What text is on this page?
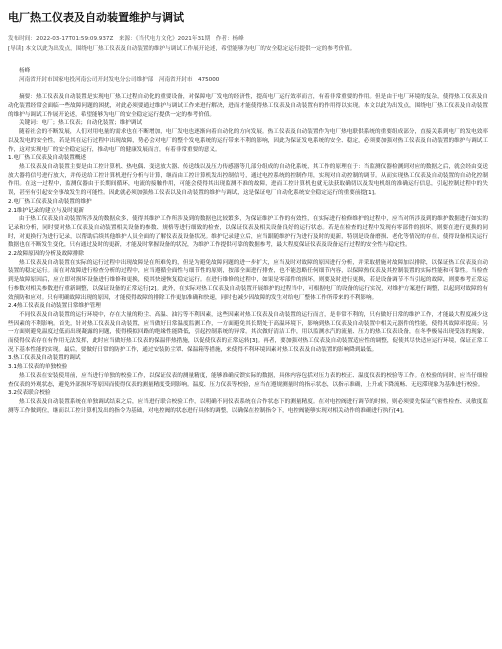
电厂热工仪表及自动装置维护与调试
发布时间：2022-03-17T01:59:09.937Z　来源：《当代电力文化》2021年31期　作者：杨峰
[导读] 本文以此为出发点，围绕电厂热工仪表及自动装置的维护与调试工作展开论述，希望能够为电厂的安全稳定运行提供一定的参考价值。
杨峰
河南省开封市国家电投河南公司开封发电分公司维护部　河南省开封市　475000

摘要：热工仪表及自动装置是实现电厂热工过程自动化的重要设备，对保障电厂发电的经济性，提高电厂运行效率而言，有着非常重要的作用。但是由于电厂环境的复杂，使得热工仪表及自动化装置经常会面临一些故障问题的困扰，对此必须要通过维护与调试工作来进行解决，进而才能使得热工仪表及自动装置有的作用得以实现。本文以此为出发点，围绕电厂热工仪表及自动装置的维护与调试工作展开论述，希望能够为电厂的安全稳定运行提供一定的参考价值。

关键词：电厂；热工仪表；自动化装置；维护调试

随着社会的不断发展，人们对用电量的需求也在不断增加，电厂发电也逐渐向着自动化的方向发展。热工仪表及自动装置作为电厂热电联供系统的重要组成部分，直接关系到电厂的发电效率以及发电的安全性，若是其在运行过程中出现故障，势必会对电厂的整个发电系统的运行带来不利的影响，因此为保证发电系统的安全、稳定，必须要加强对热工仪表及自动装置的维护与调试工作，这对实现电厂的安全稳定运行，推动电厂的健康发展而言，有着非常重要的意义。

1.电厂热工仪表及自动装置概述

热工仪表及自动装置主要是由工控计算机、热电偶、变送放大器、传送线以及压力传感器等几部分组成的自动化系统，其工作的原理在于：当监测仪器检测到对应的数据之后，就会经由变送放大器将信号进行放大，并传送给工控计算机进行分析与计算，继而由工控计算机发出控制信号，通过电控系统的控制作用，实现对自动控制的调节。从而实现热工仪表及自动装置的自动化控制作用。在这一过程中，监测仪器由于长期间循环，电流的接触作用，可能会使得其出现监测不准的故障，进而工控计算机也就无法获取确切以及发电机组的准确运行信息，引起控制过程中的失误，甚至有引起安全事故发生的可能性。因此就必须加强热工仪表以及自动装置的维护与调试，这是保证电厂自动化系统安全稳定运行的重要前提[1]。

2.电厂热工仪表及自动装置的维护
2.1维护记录的建立与及时更新

由于热工仪表及自动装置所涉及的数据众多，使得其维护工作所涉及到的数据也比较繁多，为保证维护工作的有效性，在实际进行检修维护的过程中，应当对所涉及到的维护数据进行如实的记录和分析，同时要对热工仪表及自动装置相关设备的参数、规格等进行细致的检查，以保证仪表及相关设备良好的运行状态。若是在检查的过程中发现有零部件的损坏，则要在进行更换的同时，对更换行为进行记录，以帮助后续其他维护人员全面的了解仪表及设备状况。维护记录建立后，应当跟随维护行为进行及时的更新，特别是设备磨损、老化等情况的存在，使得设备相关运行数据也在不断发生变化，只有通过及时的更新，才能及时掌握设备的状况，为维护工作提供可靠的数据参考，最大程度保证仪表及设备运行过程的安全性与稳定性。

2.2故障原因的分析及故障排除

热工仪表及自动装置在实际的运行过程中出现故障是在所难免的，但是为避免故障问题的进一步扩大，应当及时对故障的原因进行分析，并采取措施对故障加以排除，以保证热工仪表及自动装置的稳定运行。而在对故障进行检查分析的过程中，应当遵循全面性与细节性的原则，按部全面进行排查，也不能忽略任何细节内容，以保障热仪表及其控制装置的实际性能和可靠性。当检查到是故障原因后，应立即对损坏设备进行维修和更换，使其快速恢复稳定运行。在进行维修的过程中，如果是零部件的损坏，则要及时进行更换，若是设备调节不当引起的故障，则要参考正常运行参数对相关参数进行重新调整，以保证设备的正常运行[2]。此外，在实际对热工仪表及自动装置开展维护的过程当中，可根据电厂的设备的运行实况，对维护方案进行调整，以起到对故障的有效预防和应对。只有明确故障出现的原因，才能使得故障的排除工作更加准确和快速，同时也减少因故障的发生对给电厂整体工作所带来的不利影响。

2.4热工仪表及自动装置日常维护管理

不同仪表及自动装置的运行环境中，存在大量的粉尘、高温、油污等不利因素，这些因素对热工仪表及自动装置的运行而言，是非常不利的，只有做好日常的维护工作，才能最大程度减少这些因素的不利影响。首先，针对热工仪表及自动装置，应当做好日常温度监测工作，一方面避免其长期处于高温环境下，影响到热工仪表及自动装置中相关元器件的性能，使得其故障率提高；另一方面则避免温度过低而出现凝露的问题，使得模拟回路的绝缘性能降低，引起控制系统的异常。其次做好清洁工作，用以监测水汽的流量、压力的热工仪表设备，在冬季极易出现受冻的现象，而使得仪表存在有作用无法发挥，此时应当做好热工仪表的保温伴热措施，以促使仪表的正常运转[3]。再者，要加强对热工仪表及自动装置适应性的调整，促使其尽快适应运行环境，保证正常工况下基本性能的实现。最后，要做好日常的防护工作，通过安装防尘罩、保温箱等措施，来使得不利环境因素对热工仪表及自动装置的影响降到最低。

3.热工仪表及自动装置的调试
3.1热工仪表的单独校验

热工仪表在安装使用前，应当进行单独的校验工作，以保证仪表的测量精度，能够准确反馈实际的数据，具体内容包括对压力表的校正、温度仪表的校验等工作。在校验的同时，应当仔细检查仪表的外观状态，避免外部损坏等原因而使得仪表的测量精度受到影响。温度、压力仪表等校验，应当在遵规测量时的指示状态，以指示准确，上升或下降流畅、无迟滞现象为基准进行校验。

3.2仪表联合校验

热工仪表及自动装置系统在单独调试结束之后，应当进行联合校验工作，以明确不同仪表系统在合作状态下的测量精度。在对电控阀进行调节的时候，则必须要先保证气密性检查、灵敏度监测等工作做到位，继而以工控计算机发出的指令为基础，对电控阀的状态进行具体的调整，以确保在控制指令下，电控阀能够实现对相关动作的准确进行执行[4]。
